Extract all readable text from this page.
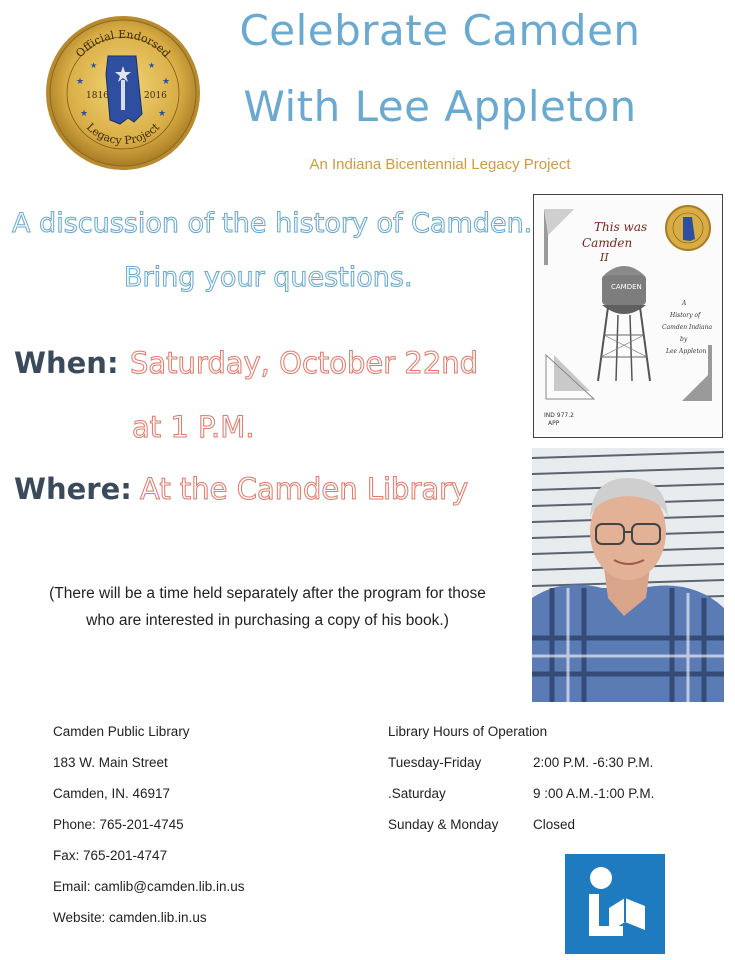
Official Endorsed
Legacy Project
1816	2016
★	★
★	★
★	★
Celebrate Camden
With Lee Appleton
An Indiana Bicentennial Legacy Project
A discussion of the history of Camden.
Bring your questions.
When: Saturday, October 22nd
at 1 P.M.
Where: At the Camden Library
(There will be a time held separately after the program for those
who are interested in purchasing a copy of his book.)
This was
Camden
II
CAMDEN
A
History of
Camden Indiana
by
Lee Appleton
IND 977.2
APP
Camden Public Library
183 W. Main Street
Camden, IN. 46917
Phone: 765-201-4745
Fax: 765-201-4747
Email: camlib@camden.lib.in.us
Website: camden.lib.in.us
Library Hours of Operation
Tuesday-Friday	2:00 P.M. -6:30 P.M.
.Saturday	9 :00 A.M.-1:00 P.M.
Sunday & Monday	Closed
